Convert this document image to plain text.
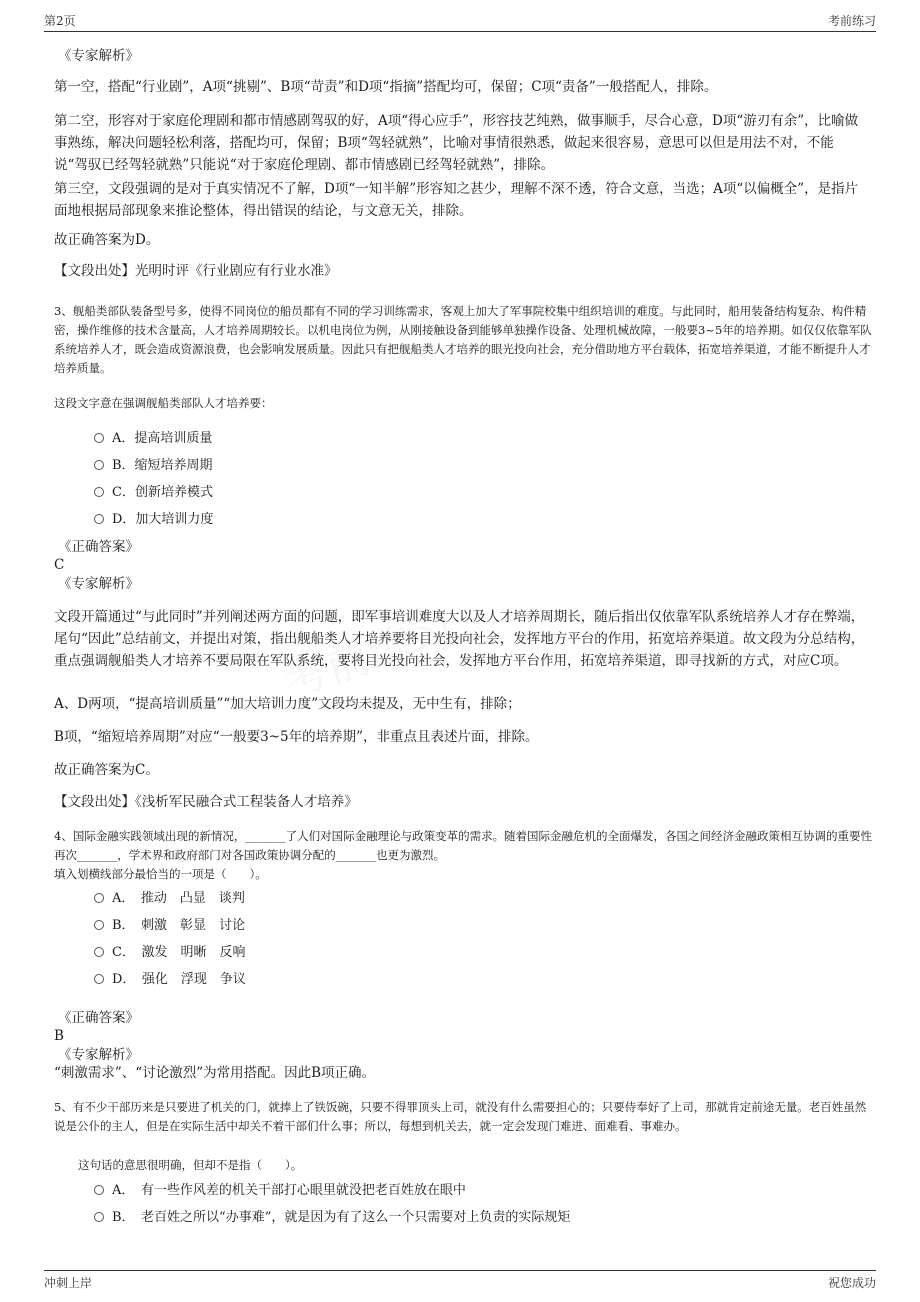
第2页	考前练习
《专家解析》
第一空，搭配“行业剧”，A项“挑剔”、B项“苛责”和D项“指摘”搭配均可，保留；C项“责备”一般搭配人，排除。
第二空，形容对于家庭伦理剧和都市情感剧驾驭的好，A项“得心应手”，形容技艺纯熟，做事顺手，尽合心意，D项“游刃有余”，比喻做事熟练，解决问题轻松利落，搭配均可，保留；B项“驾轻就熟”，比喻对事情很熟悉，做起来很容易，意思可以但是用法不对，不能说“驾驭已经驾轻就熟”只能说“对于家庭伦理剧、都市情感剧已经驾轻就熟”，排除。
第三空，文段强调的是对于真实情况不了解，D项“一知半解”形容知之甚少，理解不深不透，符合文意，当选；A项“以偏概全”，是指片面地根据局部现象来推论整体，得出错误的结论，与文意无关，排除。
故正确答案为D。
【文段出处】光明时评《行业剧应有行业水准》
3、舰船类部队装备型号多，使得不同岗位的船员都有不同的学习训练需求，客观上加大了军事院校集中组织培训的难度。与此同时，船用装备结构复杂、构件精密，操作维修的技术含量高，人才培养周期较长。以机电岗位为例，从刚接触设备到能够单独操作设备、处理机械故障，一般要3~5年的培养期。如仅仅依靠军队系统培养人才，既会造成资源浪费，也会影响发展质量。因此只有把舰船类人才培养的眼光投向社会，充分借助地方平台载体，拓宽培养渠道，才能不断提升人才培养质量。
这段文字意在强调舰船类部队人才培养要：
A．提高培训质量
B．缩短培养周期
C．创新培养模式
D．加大培训力度
《正确答案》
C
《专家解析》
文段开篇通过“与此同时”并列阐述两方面的问题，即军事培训难度大以及人才培养周期长，随后指出仅依靠军队系统培养人才存在弊端，尾句“因此”总结前文，并提出对策，指出舰船类人才培养要将目光投向社会，发挥地方平台的作用，拓宽培养渠道。故文段为分总结构，重点强调舰船类人才培养不要局限在军队系统，要将目光投向社会，发挥地方平台作用，拓宽培养渠道，即寻找新的方式，对应C项。
A、D两项，“提高培训质量”“加大培训力度”文段均未提及，无中生有，排除；
B项，“缩短培养周期”对应“一般要3~5年的培养期”，非重点且表述片面，排除。
故正确答案为C。
【文段出处】《浅析军民融合式工程装备人才培养》
4、国际金融实践领域出现的新情况，_______了人们对国际金融理论与政策变革的需求。随着国际金融危机的全面爆发，各国之间经济金融政策相互协调的重要性再次_______，学术界和政府部门对各国政策协调分配的_______也更为激烈。
填入划横线部分最恰当的一项是（　　）。
A．　推动　凸显　谈判
B．　刺激　彰显　讨论
C．　激发　明晰　反响
D．　强化　浮现　争议
《正确答案》
B
《专家解析》
“刺激需求”、“讨论激烈”为常用搭配。因此B项正确。
5、有不少干部历来是只要进了机关的门，就捧上了铁饭碗，只要不得罪顶头上司，就没有什么需要担心的；只要侍奉好了上司，那就肯定前途无量。老百姓虽然说是公仆的主人，但是在实际生活中却关不着干部们什么事；所以，每想到机关去，就一定会发现门难进、面难看、事难办。
这句话的意思很明确，但却不是指（　　）。
A．　有一些作风差的机关干部打心眼里就没把老百姓放在眼中
B．　老百姓之所以“办事难”，就是因为有了这么一个只需要对上负责的实际规矩
冲刺上岸	祝您成功
